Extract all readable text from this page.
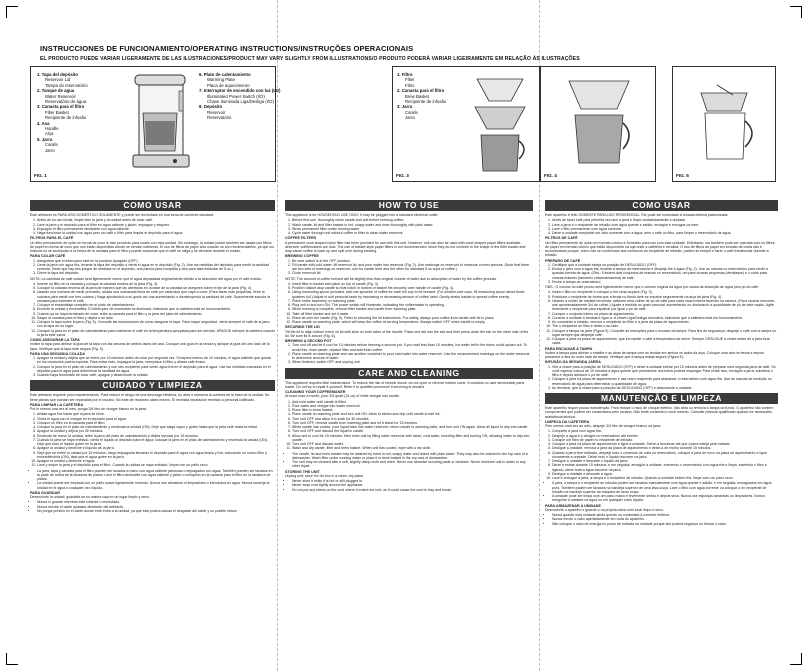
INSTRUCCIONES DE FUNCIONAMIENTO/OPERATING INSTRUCTIONS/INSTRUÇÕES OPERACIONAIS
EL PRODUCTO PUEDE VARIAR LIGERAMENTE DE LAS ILUSTRACIONES/PRODUCT MAY VARY SLIGHTLY FROM ILLUSTRATIONS/O PRODUTO PODERÁ VARIAR LIGEIRAMENTE EM RELAÇÃO ÀS ILUSTRAÇÕES
1. Tapa del depósito
Reservoir Lid
Tampa do reservatório
2. Tanque de agua
Water Reservoir
Reservatório de água
3. Canasta para el filtro
Filter Basket
Recipiente de infusão
4. Asa
Handle
Alça
5. Jarra
Carafe
Jarro
6. Plato de calentamiento
Warming Plate
Placa de aquecimento
7. Interruptor de encendido con luz (I/O)
Illuminated Power Switch (I/O)
Chave Iluminada Liga/Desliga (I/O)
8. Depósito
Reservoir
Reservatório
FIG. 1
1. Filtro
Filter
Filtro
2. Canasta para el filtro
Brew Basket
Recipiente de infusão
3. Jarra
Carafe
Jarra
FIG. 3	FIG. 4	FIG. 5
COMO USAR

Este artefacto es PARA USO DOMÉSTICO SOLAMENTE y puede ser enchufado en una toma de corriente standard.

1. Antes de su uso inicial, limpie bien la jarra y la unidad antes de colar café.
2. Lave la jarra y el depósito para el filtro en agua caliente y jabón; enjuague y séquelo.
3. Enjuague el filtro permanente deslizable con agua caliente.
4. Haga funcionar la unidad con agua pero sin café o filtro para limpiar el depósito para el agua.
FILTROS PARA EL CAFÉ

Un filtro permanente de nylon en forma de cono le sido proveído para usarlo con esta unidad. Sin embargo, la unidad puede también ser usada con filtros de papel en forma de cono que son están disponibles donde se venden cafeteras. El uso de filtros de papel sólo cuando no son recomendables, ya que los mismos no se acomodan a la forma de la canasta para el filtro y puede ocasionar que el café se salga y se derrame durante el colado.

PARA COLAR CAFÉ
1. Asegúrese que el interruptor esté en la posición Apagado (OFF).
2. Llene la jarra con agua fría, levante la tapa del depósito y vierta el agua en el depósito (Fig. 2). Use las medidas del depósito para medir la cantidad correcta. (Note que hay dos juegos de medidas en el depósito, una para la jarra completa y otra para taza estándar de 5 oz.)
3. Cierre la tapa del depósito.

NOTA: La cantidad de café colado será ligeramente menor que el agua depositada originalmente debido a la absorción del agua por el café molido.

4. Inserte un filtro en la canasta y coloque la canasta encima de la jarra (Fig. 3).
5. Coloque la canasta encima de la jarra de manera que las aberturas en la base de la canasta se aseguren sobre el eje de la jarra (Fig. 4)
6. Usando una cuchara de medir promedio, añada una cucharada llena de café por cada taza que vaya a colar. (Para tazas más pequeñas, llene la cuchara para medir con tres cuartos.) Haga ajustándolo a su gusto así una aumentando o disminuyendo la cantidad de café. Suavemente sacuda la canasta para extender el café.
7. Coloque el ensamblaje completo en el plato de calentamiento.
8. Enchufe la unidad y encendiéla. El interruptor de encendido se iluminará, indicando que la cafetera está en funcionamiento.
9. Cuando ya se haya terminado de colar, retire la canasta para el filtro y la jarra del plato de calentamiento.
10. Saque la canasta para el filtro y déjela a un lado.
11. Coloque la tapa sobre la jarra (Fig. 5). Consulte las instrucciones de cómo asegurar la tapa. Para mayor seguridad, vierta siempre el café de la jarra con la tapa en su lugar.
12. Coloque la jarra en el plato de calentamiento para mantener el café en la temperatura apropiada para ser servido. APAGUE siempre la cafetera cuando la jarra este vacía.
COMO ASEGURAR LA TAPA

Incline la tapa para abrirse la guía de la tapa con las ranuras de ambos lados del asa. Coloque una guía en la ranura y aplique la guía del otro lado de la tapa. Verifique que la tapa esté segura (Fig. 5).

PARA UNA SEGUNDA COLADA
1. Apague la unidad y déjela que se enfríe por 10 minutos antes de colar por segunda vez. Si espera menos de 10 minutos, el agua caliente que queda en los conductos podría explotar. Para evitar esto, enjuague la jarra, reemplace el filtro y añada café fresco.
2. Coloque la jarra en el plato de calentamiento y use otro recipiente para verter agua fría en el depósito para el agua. Use las medidas marcadas en el depósito para el agua para determinar la cantidad de agua.
3. Cuando haya terminado de colar café, apague y desenchufe la unidad.
CUIDADO Y LIMPIEZA

Este artefacto requiere poco mantenimiento. Para reducir el riesgo de una descarga eléctrica, no abra o remueva la cubierta de la base de la unidad. No tiene piezas que puedan ser reparadas por el usuario. No trate de repararlo usted mismo. Si necesita reparación remítalo a personal calificado.

PARA LIMPIAR LA CAFETERA

Por lo menos una vez al mes, ponga 3/4 litro de vinagre blanco en la jarra.

1. Añada agua fría hasta que la jarra se llene.
2. Vierta el agua con el vinagre en el depósito para el agua.
3. Coloque un filtro en la canasta para el filtro.
4. Coloque la jarra en el plato de calentamiento y encienda la unidad (ON). Deje que salga vapor y gotee hasta que la jarra esté hasta la mitad.
5. Apague la unidad y déjela por 30 minutos.
6. Encienda de nuevo la unidad, retire la jarra del plato de calentamiento y déjela reposar por 15 minutos.
7. Cuando la jarra se haya enfriado, vierta el líquido al depósito para el agua; coloque la jarra en el plato de calentamiento y encienda la unidad (ON). Deje que todo el líquido gotee en la jarra.
8. Apague la unidad y deseche el líquido de la jarra.
9. Deje que se enfríe la unidad por 15 minutos; luego enjuáguela llenando el depósito para el agua con agua limpia y fría, colocando un nuevo filtro y encendiéndola (ON), deje que el agua gotee en la jarra.
10. Apague la unidad y deseche el agua.
11. Lave y seque la jarra y el depósito para el filtro. Cuando la unidad se haya enfriado, limpie con un paño seco.
• La jarra, tapa y canasta para el filtro pueden ser lavados a mano con agua caliente jabonosa o enjuagados con agua. También pueden ser lavados en la parte de arriba de la lavadora de platos. Lave el filtro deslizable con agua caliente y jabón o colóquelo en la canasta para el filtro en la lavadora de platos.
• La unidad puede ser limpiada con un paño suave ligeramente húmedo. Nunca use abrasivos ni limpiadores o introduzca en agua. Nunca sumerja la unidad en el agua o cualquier otro líquido.
PARA GUARDAR

Desenchufe la unidad; guárdela en su misma caja en un lugar limpio y seco.

• Nunca lo guarde mientras esté caliente o enchufado.
• Nunca enrolle el cable ajustado alrededor del artefacto.
• No ponga presión en el cable donde éste entra a la unidad, ya que esto podría causar el desgaste del cable y su posible rotura.
HOW TO USE

This appliance is for HOUSEHOLD USE ONLY. It may be plugged into a standard electrical outlet.

1. Before first use, thoroughly clean carafe and unit before brewing coffee.
2. Wash carafe, lid and filter basket in hot, soapy water and rinse thoroughly with plain water.
3. Rinse permanent filter under running water.
4. Cycle water through unit without coffee or filter to clean water reservoir.
COFFEE FILTERS

A permanent cone shaped nylon filter has been provided for use with this unit. However, unit can also be used with cone shaped paper filters available wherever coffeemakers are sold. The use of basket style paper filters is not recommended, since they do not conform to the shape of the filter basket and may cause coffee to back up and spill over during brewing.

BREWING COFFEE
1. Be sure switch is in the OFF position.
2. Fill carafe with cold water, lift reservoir lid, and pour water into reservoir (Fig. 2). Use markings on reservoir to measure correct amount. (Note that there are two sets of markings on reservoir; one for carafe level and the other for standard 5 oz cups of coffee.)
3. Close reservoir lid.

NOTE: The amount of coffee brewed will be slightly less than original volume of water due to absorption of water by the coffee grounds.

4. Insert filter in basket and place on top of carafe (Fig. 3).
5. Position basket atop carafe so that notch in bottom of basket fits securely over handle of carafe (Fig. 4).
6. Using measuring spoon provided, add one spoonful of coffee for each full cup to be brewed. (For smaller-size cups, fill measuring spoon about three-quarters full.) Adjust to suit personal taste by increasing or decreasing amount of coffee used. Gently shake basket to spread coffee evenly.
7. Place entire assembly on warming plate.
8. Plug unit in and turn ON. The power switch will illuminate, indicating the coffeemaker is operating.
9. When brewing is complete, remove filter basket and carafe from warming plate.
10. Take off filter basket and set it aside.
11. Place lid onto the carafe (Fig. 5). Refer to securing the lid instructions. For safety, always pour coffee from carafe with lid in place.
12. Place carafe on warming plate, which will keep the coffee at serving temperature. Always switch OFF when carafe is empty.
SECURING THE LID

Tilt the lid to align bottom notch on lid with slots on both sides of the handle. Place one tab into the slot and then press down the tab on the other side of the lid. Be sure lid is secure (Fig. 5).

BREWING A SECOND POT
1. Turn unit off and let it cool for 10 minutes before brewing a second pot. If you wait less than 10 minutes, hot water left in the tubes could splash out. To avoid this, rinse carafe, replace filter and add fresh coffee.
2. Place carafe on warming plate and use another container to pour cold water into water reservoir. Use the measurement markings on the water reservoir to determine amount of water.
3. When finished, switch OFF and unplug unit.
CARE AND CLEANING

This appliance requires little maintenance. To reduce the risk of electric shock, do not open or remove bottom cover. It contains no user serviceable parts inside. Do not try to repair it yourself. Refer it to qualified personnel if servicing is needed.

CLEANING YOUR COFFEEMAKER

At least once a month, pour 3/4 quart (24 oz) of white vinegar into carafe.

1. Add cold water until carafe is filled.
2. Pour water and vinegar into water reservoir.
3. Place filter in brew basket.
4. Place carafe on warming plate and turn unit ON. Allow to steam and drip until carafe is half full.
5. Turn unit OFF and allow it to soak for 30 minutes.
6. Turn unit OFF, remove carafe from warming plate and let it stand for 15 minutes.
7. When carafe has cooled, pour liquid back into water reservoir; return carafe to warming plate, and turn unit ON again. Allow all liquid to drip into carafe.
8. Turn unit OFF and discard the liquid in carafe.
9. Allow unit to cool for 15 minutes; then rinse unit by filling water reservoir with clean, cold water, inserting filter and turning ON, allowing water to drip into carafe.
10. Turn unit OFF and discard water.
11. Wash and dry carafe, filter and brew basket. When unit has cooled, wipe with a dry cloth.
• The carafe, lid and brew basket may be washed by hand in hot, soapy water and rinsed with plain water. They may also be washed in the top rack of a dishwasher. Wash filter under running water or place it in brew basket in the top rack of dishwasher.
• The unit may be cleaned with a soft, slightly damp cloth and dried. Never use abrasive scouring pads or cleanser. Never immerse unit in water or any other liquid.
STORING THE UNIT

Unplug unit; store it in its box in a clean, dry place.

• Never store it while it is hot or still plugged in.
• Never wrap cord tightly around the appliance.
• Do not put any stress on the cord where it enters the unit, as it could cause the cord to fray and break.
COMO USAR

Este aparelho é feito SOMENTE PARA USO RESIDENCIAL. Ele pode ser conectado à tomada elétrica padronizada.

1. Antes de fazer café pela primeira vez lave a jarra e limpe cuidadosamente a unidade.
2. Lave a jarra e o recipiente de infusão com água quente e sabão, enxágüe e enxugue-os bem.
3. Lave o filtro permanente com água corrente.
4. Deixe a unidade completar um ciclo somente com a água, sem o café ou filtro, para limpar o reservatório de água.
FILTROS DE CAFÉ

Um filtro permanente de nylon em formato cônico é fornecido para uso com esta unidade. Entretanto, ela também pode ser operada com os filtros de papel em formato cônico que estão disponíveis na loja onde a cafeteira é vendida. O uso de filtros de papel em formato de cesta não é recomendado porque, como não se conformam aos contornos do recipiente de infusão, podem se entupir e fazer o café transbordar durante a infusão.

PREPARO DE CAFÉ
1. Certifique que a unidade esteja na posição de DESLIGADO (OFF).
2. Encha o jarro com a água fria, levante a tampa do reservatório e despeje-lhe a água (Fig. 2). Use as marcas no reservatório para medir a quantia correta de água. (Obs.: Existem dois conjuntos de marcas no reservatório, um para xícaras pequenas (demitasse) e o outro para xícaras maiores (tamanho chávena/caneca) de café.
3. Feche a tampa do reservatório.

OBS.: O volume do café pronto será ligeiramente menor que o volume original da água por causa da absorção de água pelo pó do café.

4. Insira o filtro no recipiente e coloque-o em cima da jarra (Fig. 3).
5. Posicione o recipiente de forma que a fenda no fundo dele se encaixe seguramente na alça da jarra (Fig. 4).
6. Usando a colher de medida fornecida, adicione uma colher de pó de café para cada xícara inteira fazendo na caneca. (Para xícaras menores, use aproximadamente 3/4 de colher.) Ajuste a medida ao gosto pessoal, aumentando ou diminuindo a quantidade de pó de café usado. Agite levemente o recipiente para espalhar por igual o pó de café.
7. Coloque o conjunto inteiro na placa de aquecimento.
8. Conecte a unidade à tomada e ligue-a. A chave Liga/Desliga acenderá, indicando que a cafeteira está em funcionamento.
9. Ao completar a infusão, remova o recipiente do filtro e a jarra da placa de aquecimento.
10. Tire o recipiente do filtro e deixe-o ao lado.
11. Coloque a tampa na jarra (Figura 5). Consulte as instruções para o encaixe da tampa. Para fins de segurança, despeje o café com a tampa no lugar sempre que despejar café.
12. Coloque a jarra na placa de aquecimento, que irá manter o café à temperatura de servir. Sempre DESLIGUE a chave antes de a jarra ficar vazia.
PARA ENCAIXAR A TAMPA

Incline a tampa para alinhar o entalhe e as abas da tampa com as fendas em ambos os lados da alça. Coloque uma aba na fenda e depois pressione a aba do outro lado da tampa. Verifique que a tampa esteja segura (Figura 5).

INFUSÃO DA SEGUNDA JARRA
1. Vire a chave para a posição de DESLIGADO (OFF) e deixe a unidade esfriar por 10 minutos antes de preparar uma segunda jarra de café. Se você esperar menos de 10 minutos a água quente que permanece nos tubos poderá respingar. Para evitar isso, enxágüe a jarra, substitua o filtro e depois adicione o pó de café.
2. Coloque a jarra na placa de aquecimento e use outro recipiente para abastecer o reservatório com água fria. Use as marcas de medição no reservatório de água para determinar a quantidade de água.
3. Ao terminar, gire a chave para a posição de DESLIGADO (OFF) e desconecte a unidade.
MANUTENÇÃO E LIMPEZA

Este aparelho requer pouca manutenção. Para reduzir o risco de choque elétrico, não abra ou remova a tampa do fundo. O aparelho não contém componentes que podem ser consertados pelo usuário. Não tente consertá-lo você mesmo. Consulte pessoal qualificado quando for necessário assistência técnica.

LIMPEZA DA CAFETEIRA

Pelo menos uma vez ao mês, despeje 3/4 litro de vinagre branco na jarra.

1. Complete a jarra com água fria.
2. Despeje a água e o vinagre no reservatório até encher.
3. Coloque um filtro de papel no recipiente de infusão.
4. Coloque a jarra na placa de aquecimento e ligue a unidade. Deixe-a funcionar até que a jarra esteja pela metade.
5. Desligue a unidade, remova a jarra da placa de aquecimento e deixe-a de molho durante 15 minutos.
6. Quando a jarra tiver esfriado, despeje todo o conteúdo de volta no reservatório, coloque a jarra de novo na placa de aquecimento e ligue novamente a unidade. Deixe todo o líquido escorrer na jarra.
7. Desligue a unidade e descarte o líquido da jarra.
8. Deixe a esfriar durante 15 minutos, e em seguida, enxágüe a unidade, enchendo o reservatório com água fria e limpa, inserindo o filtro e ligando, deixe toda a água escorrer na jarra.
9. Desligue a unidade e descarte a água.
10. Lave e enxugue a jarra, a tampa e o recipiente de infusão. Quando a unidade estiver fria, limpe com um pano seco.
• A jarra, a tampa e o recipiente de infusão podem ser lavados manualmente com água quente e sabão, e em seguida, enxaguados em água pura. Também podem ser lavados na bandeja superior de uma lava-louça. Lave o filtro com água corrente ou coloque-o no recipiente de infusão na bandeja superior da máquina de lavar louça.
• A unidade pode ser limpa com um pano macio e levemente úmido e depois seca. Nunca use esponjas abrasivas ou limpadores. Nunca mergulhe a unidade na água ou em qualquer outro líquido.
PARA ARMAZENAR A UNIDADE

Desconecte o aparelho e guarde-o na própria caixa num local limpo e seco.

• Nunca guarde esta unidade ainda quente ou conectada à corrente elétrica.
• Nunca enrole o cabo apertadamente em volta do aparelho.
• Não coloque o cabo de energia no ponto de entrada na unidade porque isto poderá esgarçar ou triturar o cabo.
